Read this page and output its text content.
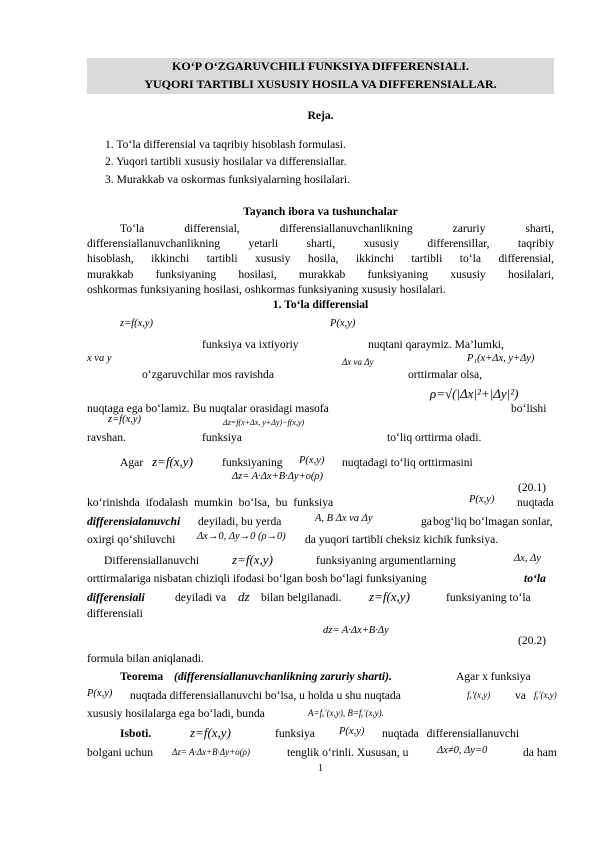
KO‘P O‘ZGARUVCHILI FUNKSIYA DIFFERENSIALI.
YUQORI TARTIBLI XUSUSIY HOSILA VA DIFFERENSIALLAR.
Reja.
1. To‘la differensial va taqribiy hisoblash formulasi.
2. Yuqori tartibli xususiy hosilalar va differensiallar.
3. Murakkab va oskormas funksiyalarning hosilalari.
Tayanch ibora va tushunchalar
To‘la differensial, differensiallanuvchanlikning zaruriy sharti,
differensiallanuvchanlikning yetarli sharti, xususiy differensillar, taqribiy
hisoblash, ikkinchi tartibli xususiy hosila, ikkinchi tartibli to‘la differensial,
murakkab funksiyaning hosilasi, murakkab funksiyaning xususiy hosilalari,
oshkormas funksiyaning hosilasi, oshkormas funksiyaning xususiy hosilalari.
1. To‘la differensial
z=f(x,y)	P(x,y)
funksiya va ixtiyoriy	nuqtani qaraymiz. Ma’lumki,
x va y	Δx va Δy	P₁(x+Δx, y+Δy)
o‘zgaruvchilar mos ravishda	orttirmalar olsa,
ρ=√(|Δx|²+|Δy|²)
nuqtaga ega bo‘lamiz. Bu nuqtalar orasidagi masofa	bo‘lishi
z=f(x,y)	Δz=f(x+Δx, y+Δy)−f(x,y)
ravshan.	funksiya	to‘liq orttirma oladi.
Agar z=f(x,y)	funksiyaning P(x,y) nuqtadagi to‘liq orttirmasini
Δz= A·Δx+B·Δy+o(ρ)
(20.1)
ko‘rinishda ifodalash mumkin bo‘lsa, bu funksiya	P(x,y) nuqtada
differensialanuvchi deyiladi, bu yerda	A, B Δx va Δy	ga bog‘liq bo‘lmagan sonlar,
oxirgi qo‘shiluvchi Δx→0, Δy→0 (ρ→0) da yuqori tartibli cheksiz kichik funksiya.
Differensiallanuvchi	z=f(x,y)	funksiyaning argumentlarning	Δx, Δy
orttirmalariga nisbatan chiziqli ifodasi bo‘lgan bosh bo‘lagi funksiyaning	to‘la
differensiali	deyiladi va dz bilan belgilanadi. z=f(x,y)	funksiyaning to‘la
differensiali
dz= A·Δx+B·Δy
(20.2)
formula bilan aniqlanadi.
Teorema (differensiallanuvchanlikning zaruriy sharti).	Agar x funksiya
P(x,y) nuqtada differensiallanuvchi bo‘lsa, u holda u shu nuqtada	fₓ′(x,y) va fᵧ′(x,y)
xususiy hosilalarga ega bo‘ladi, bunda	A=fₓ′(x,y), B=fᵧ′(x,y).
Isboti.	z=f(x,y)	funksiya P(x,y) nuqtada differensiallanuvchi
bolgani uchun Δz= A·Δx+B·Δy+o(ρ)	tenglik o‘rinli. Xususan, u	Δx≠0, Δy=0	da ham
1
